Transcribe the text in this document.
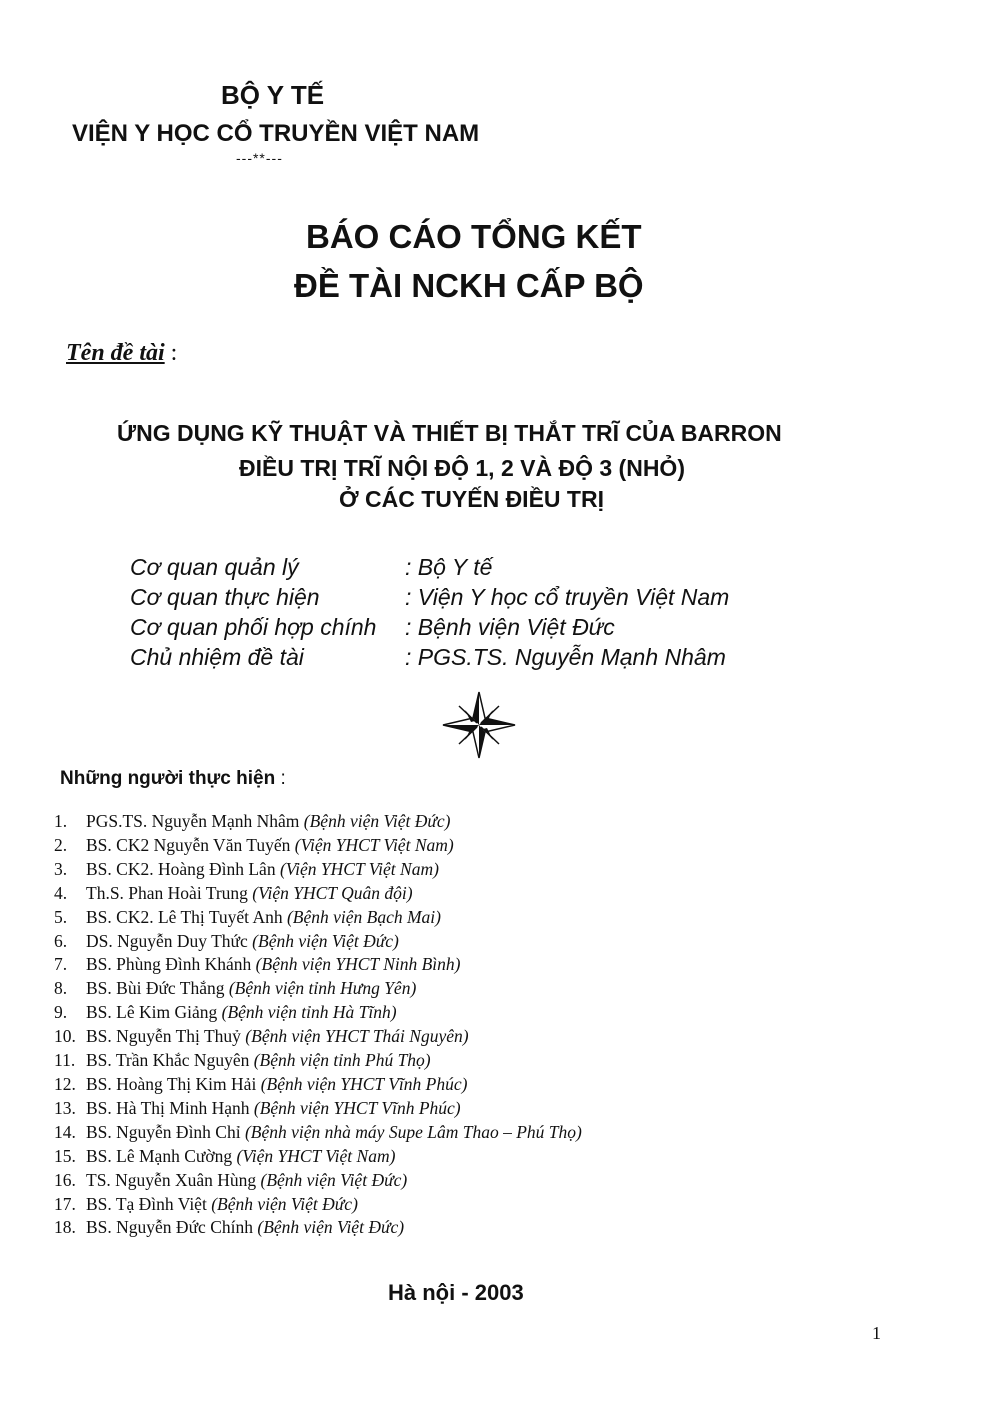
BỘ Y TẾ
VIỆN Y HỌC CỔ TRUYỀN VIỆT NAM
---**---
BÁO CÁO TỔNG KẾT
ĐỀ TÀI NCKH CẤP BỘ
Tên đề tài :
ỨNG DỤNG KỸ THUẬT VÀ THIẾT BỊ THẮT TRĨ CỦA BARRON
ĐIỀU TRỊ TRĨ NỘI ĐỘ 1, 2 VÀ ĐỘ 3 (NHỎ)
Ở CÁC TUYẾN ĐIỀU TRỊ
Cơ quan quản lý	: Bộ Y tế
Cơ quan thực hiện	: Viện Y học cổ truyền Việt Nam
Cơ quan phối hợp chính	: Bệnh viện Việt Đức
Chủ nhiệm đề tài	: PGS.TS. Nguyễn Mạnh Nhâm
Những người thực hiện :
1. PGS.TS. Nguyễn Mạnh Nhâm (Bệnh viện Việt Đức)
2. BS. CK2 Nguyễn Văn Tuyến (Viện YHCT Việt Nam)
3. BS. CK2. Hoàng Đình Lân (Viện YHCT Việt Nam)
4. Th.S. Phan Hoài Trung (Viện YHCT Quân đội)
5. BS. CK2. Lê Thị Tuyết Anh (Bệnh viện Bạch Mai)
6. DS. Nguyễn Duy Thức (Bệnh viện Việt Đức)
7. BS. Phùng Đình Khánh (Bệnh viện YHCT Ninh Bình)
8. BS. Bùi Đức Thắng (Bệnh viện tỉnh Hưng Yên)
9. BS. Lê Kim Giảng (Bệnh viện tỉnh Hà Tĩnh)
10. BS. Nguyễn Thị Thuỷ (Bệnh viện YHCT Thái Nguyên)
11. BS. Trần Khắc Nguyên (Bệnh viện tỉnh Phú Thọ)
12. BS. Hoàng Thị Kim Hải (Bệnh viện YHCT Vĩnh Phúc)
13. BS. Hà Thị Minh Hạnh (Bệnh viện YHCT Vĩnh Phúc)
14. BS. Nguyễn Đình Chỉ (Bệnh viện nhà máy Supe Lâm Thao – Phú Thọ)
15. BS. Lê Mạnh Cường (Viện YHCT Việt Nam)
16. TS. Nguyễn Xuân Hùng (Bệnh viện Việt Đức)
17. BS. Tạ Đình Việt (Bệnh viện Việt Đức)
18. BS. Nguyễn Đức Chính (Bệnh viện Việt Đức)
Hà nội - 2003
1
